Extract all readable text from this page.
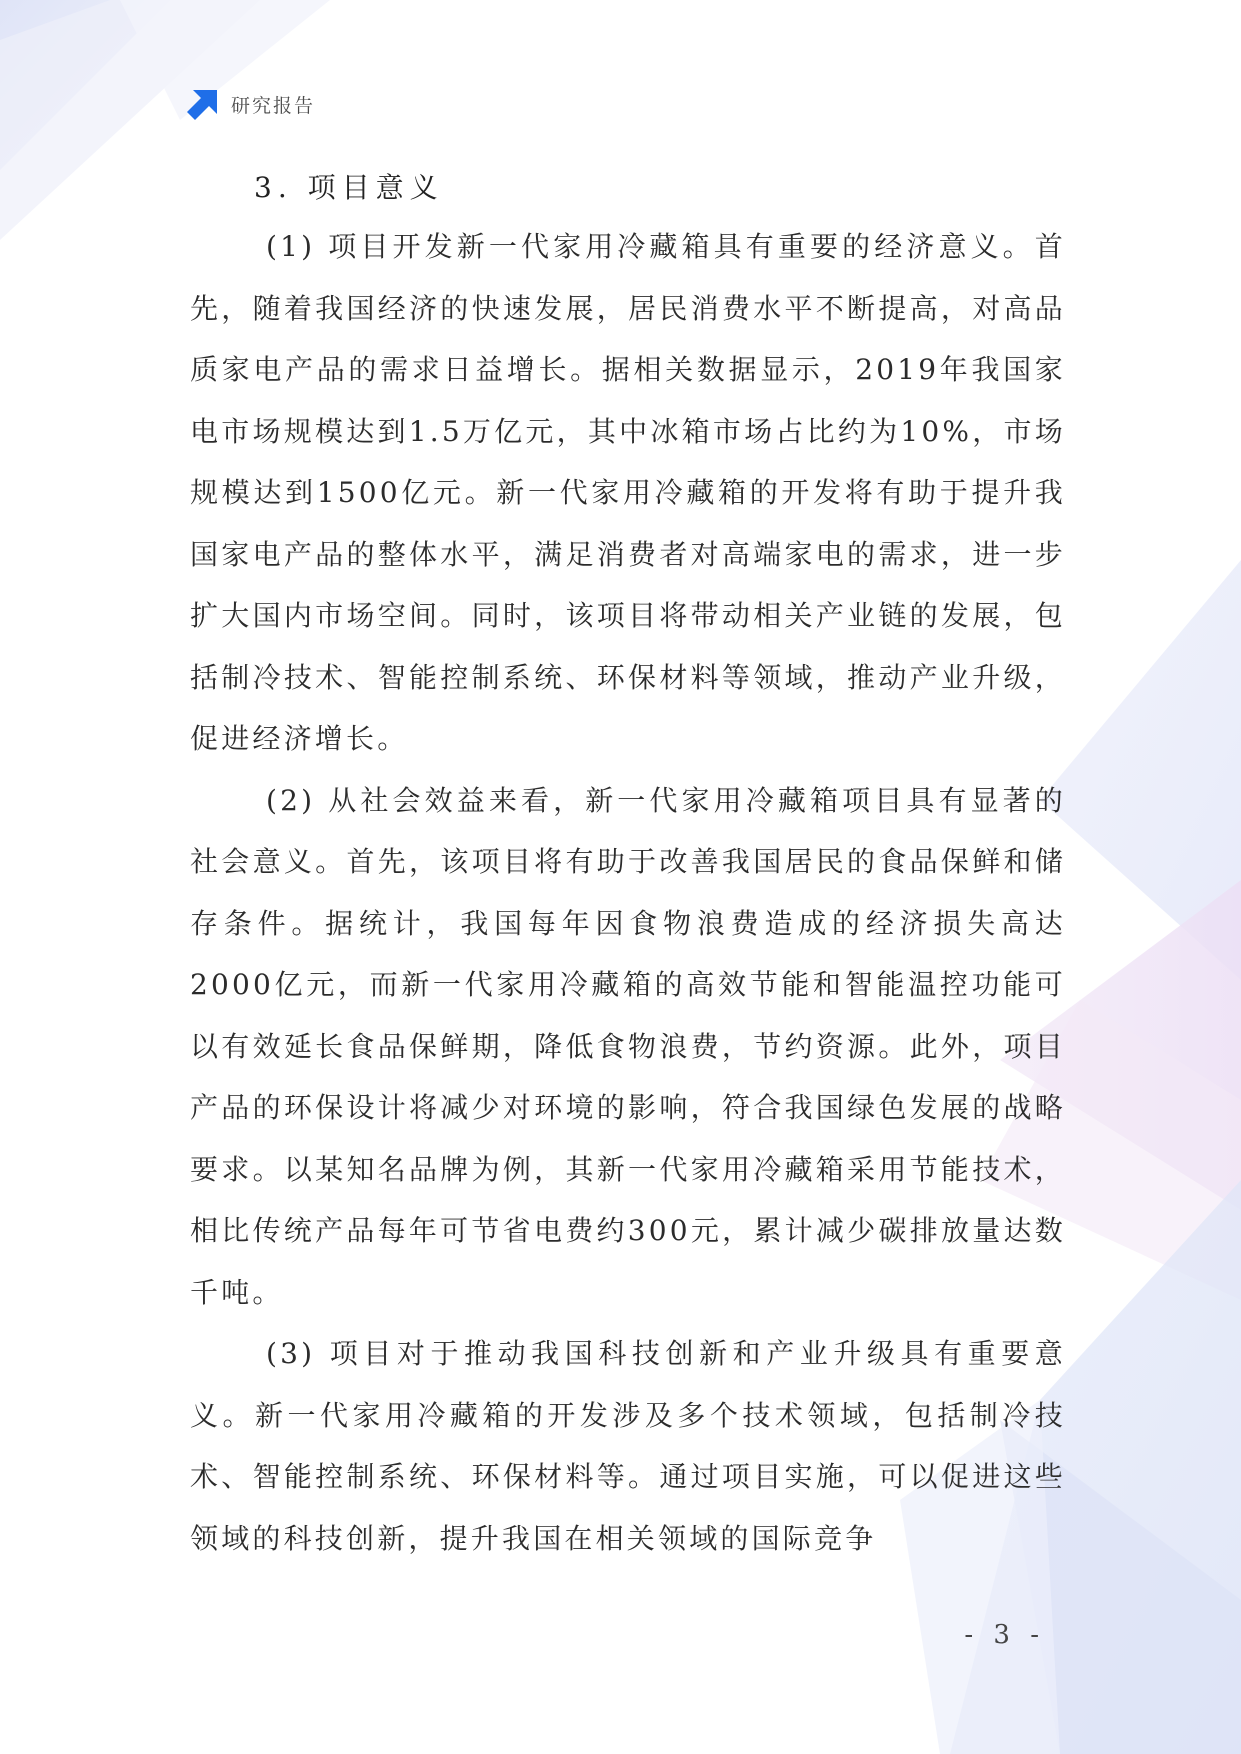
研究报告
3. 项目意义

(1) 项目开发新一代家用冷藏箱具有重要的经济意义。首先，随着我国经济的快速发展，居民消费水平不断提高，对高品质家电产品的需求日益增长。据相关数据显示，2019年我国家电市场规模达到1.5万亿元，其中冰箱市场占比约为10%，市场规模达到1500亿元。新一代家用冷藏箱的开发将有助于提升我国家电产品的整体水平，满足消费者对高端家电的需求，进一步扩大国内市场空间。同时，该项目将带动相关产业链的发展，包括制冷技术、智能控制系统、环保材料等领域，推动产业升级，促进经济增长。

(2) 从社会效益来看，新一代家用冷藏箱项目具有显著的社会意义。首先，该项目将有助于改善我国居民的食品保鲜和储存条件。据统计，我国每年因食物浪费造成的经济损失高达2000亿元，而新一代家用冷藏箱的高效节能和智能温控功能可以有效延长食品保鲜期，降低食物浪费，节约资源。此外，项目产品的环保设计将减少对环境的影响，符合我国绿色发展的战略要求。以某知名品牌为例，其新一代家用冷藏箱采用节能技术，相比传统产品每年可节省电费约300元，累计减少碳排放量达数千吨。

(3) 项目对于推动我国科技创新和产业升级具有重要意义。新一代家用冷藏箱的开发涉及多个技术领域，包括制冷技术、智能控制系统、环保材料等。通过项目实施，可以促进这些领域的科技创新，提升我国在相关领域的国际竞争

- 3 -
